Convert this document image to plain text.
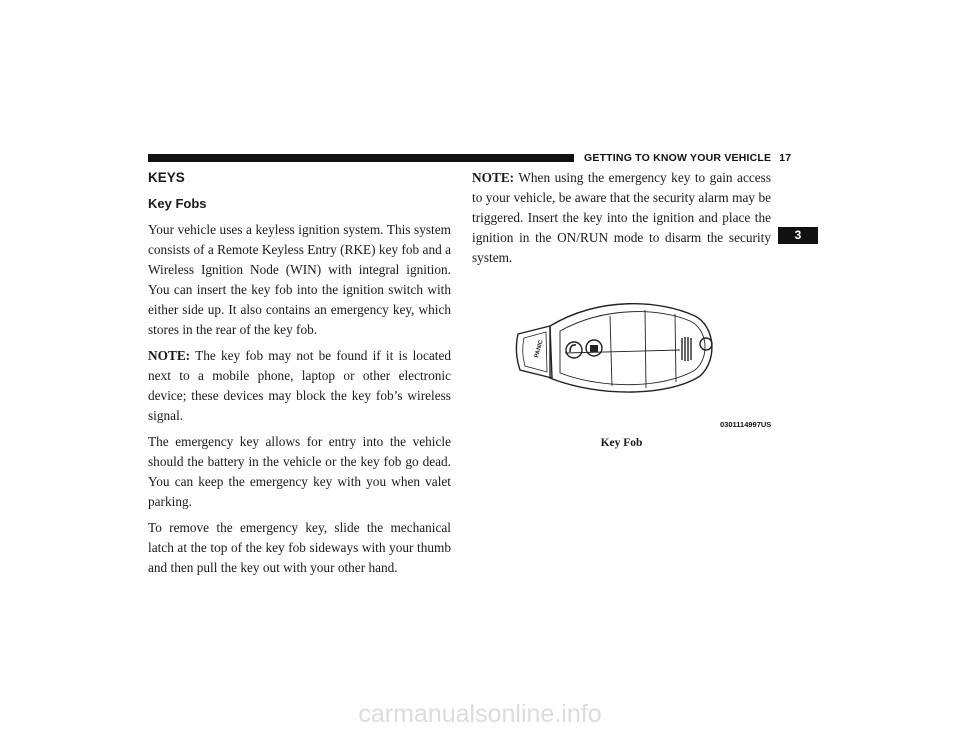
GETTING TO KNOW YOUR VEHICLE 17
3
KEYS
Key Fobs

Your vehicle uses a keyless ignition system. This system consists of a Remote Keyless Entry (RKE) key fob and a Wireless Ignition Node (WIN) with integral ignition. You can insert the key fob into the ignition switch with either side up. It also contains an emergency key, which stores in the rear of the key fob.

NOTE: The key fob may not be found if it is located next to a mobile phone, laptop or other electronic device; these devices may block the key fob’s wireless signal.

The emergency key allows for entry into the vehicle should the battery in the vehicle or the key fob go dead. You can keep the emergency key with you when valet parking.

To remove the emergency key, slide the mechanical latch at the top of the key fob sideways with your thumb and then pull the key out with your other hand.

NOTE: When using the emergency key to gain access to your vehicle, be aware that the security alarm may be triggered. Insert the key into the ignition and place the ignition in the ON/RUN mode to disarm the security system.

PANIC
0301114997US
Key Fob
carmanualsonline.info
